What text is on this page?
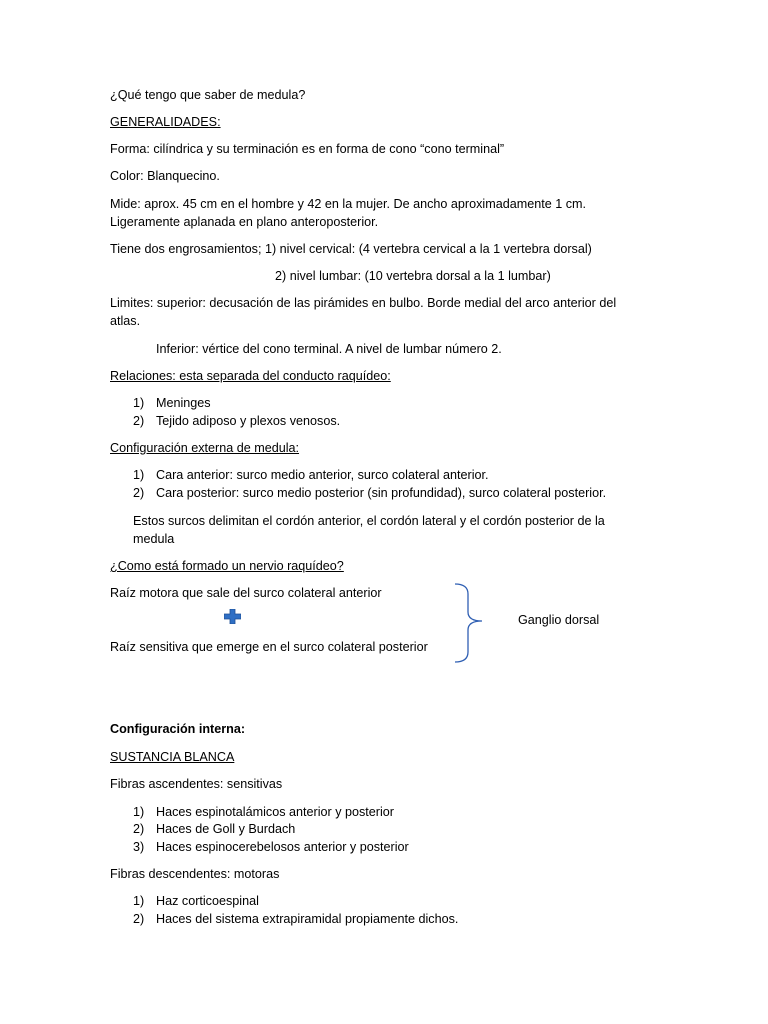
¿Qué tengo que saber de medula?

GENERALIDADES:

Forma: cilíndrica y su terminación es en forma de cono “cono terminal”

Color: Blanquecino.

Mide: aprox. 45 cm en el hombre y 42 en la mujer. De ancho aproximadamente 1 cm. Ligeramente aplanada en plano anteroposterior.

Tiene dos engrosamientos; 1) nivel cervical: (4 vertebra cervical a la 1 vertebra dorsal)

2) nivel lumbar: (10 vertebra dorsal a la 1 lumbar)

Limites: superior: decusación de las pirámides en bulbo. Borde medial del arco anterior del atlas.

Inferior: vértice del cono terminal. A nivel de lumbar número 2.

Relaciones: esta separada del conducto raquídeo:

1) Meninges

2) Tejido adiposo y plexos venosos.

Configuración externa de medula:

1) Cara anterior: surco medio anterior, surco colateral anterior.

2) Cara posterior: surco medio posterior (sin profundidad), surco colateral posterior.

Estos surcos delimitan el cordón anterior, el cordón lateral y el cordón posterior de la medula

¿Como está formado un nervio raquídeo?

Raíz motora que sale del surco colateral anterior

Raíz sensitiva que emerge en el surco colateral posterior

Ganglio dorsal

Configuración interna:

SUSTANCIA BLANCA

Fibras ascendentes: sensitivas

1) Haces espinotalámicos anterior y posterior

2) Haces de Goll y Burdach

3) Haces espinocerebelosos anterior y posterior

Fibras descendentes: motoras

1) Haz corticoespinal

2) Haces del sistema extrapiramidal propiamente dichos.
